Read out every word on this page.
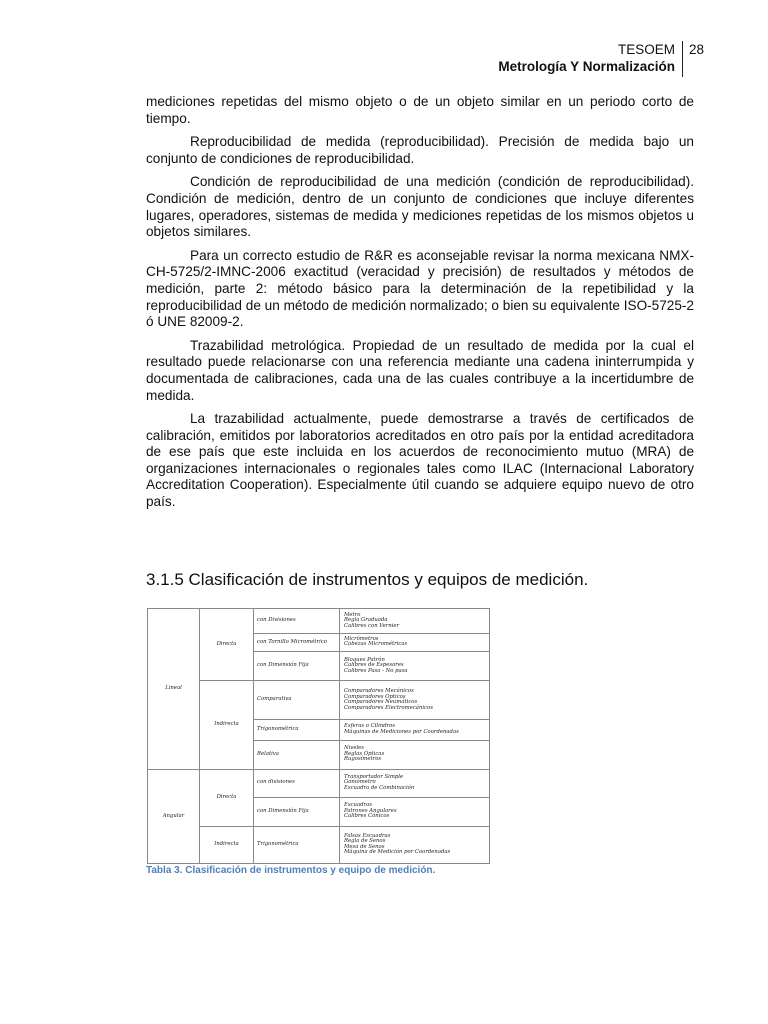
TESOEM
Metrología Y Normalización
28

mediciones repetidas del mismo objeto o de un objeto similar en un periodo corto de tiempo.

Reproducibilidad de medida (reproducibilidad). Precisión de medida bajo un conjunto de condiciones de reproducibilidad.

Condición de reproducibilidad de una medición (condición de reproducibilidad). Condición de medición, dentro de un conjunto de condiciones que incluye diferentes lugares, operadores, sistemas de medida y mediciones repetidas de los mismos objetos u objetos similares.

Para un correcto estudio de R&R es aconsejable revisar la norma mexicana NMX-CH-5725/2-IMNC-2006 exactitud (veracidad y precisión) de resultados y métodos de medición, parte 2: método básico para la determinación de la repetibilidad y la reproducibilidad de un método de medición normalizado; o bien su equivalente ISO-5725-2 ó UNE 82009-2.

Trazabilidad metrológica. Propiedad de un resultado de medida por la cual el resultado puede relacionarse con una referencia mediante una cadena ininterrumpida y documentada de calibraciones, cada una de las cuales contribuye a la incertidumbre de medida.

La trazabilidad actualmente, puede demostrarse a través de certificados de calibración, emitidos por laboratorios acreditados en otro país por la entidad acreditadora de ese país que este incluida en los acuerdos de reconocimiento mutuo (MRA) de organizaciones internacionales o regionales tales como ILAC (Internacional Laboratory Accreditation Cooperation). Especialmente útil cuando se adquiere equipo nuevo de otro país.

3.1.5 Clasificación de instrumentos y equipos de medición.
Lineal	Directa	con Divisiones	Metro
Regla Graduada
Calibres con Vernier

		con Tornillo Micrométrico	Micrómetros
Cabezas Micrométricas

		con Dimensión Fija	Bloques Patrón
Calibres de Espesores
Calibres Pasa - No pasa

	Indirecta	Comparativa	Comparadores Mecánicos
Comparadores Ópticos
Comparadores Neumáticos
Comparadores Electromecánicos

		Trigonométrica	Esferas o Cilindros
Máquinas de Mediciones por Coordenadas

		Relativa	Niveles
Reglas Ópticas
Rugosímetros

Angular	Directa	con divisiones	Transportador Simple
Goniómetro
Escuadra de Combinación

		con Dimensión Fija	Escuadras
Patrones Angulares
Calibres Cónicos

	Indirecta	Trigonométrica	Falsas Escuadras
Regla de Senos
Mesa de Senos
Máquina de Medición por Coordenadas

Tabla 3. Clasificación de instrumentos y equipo de medición.
